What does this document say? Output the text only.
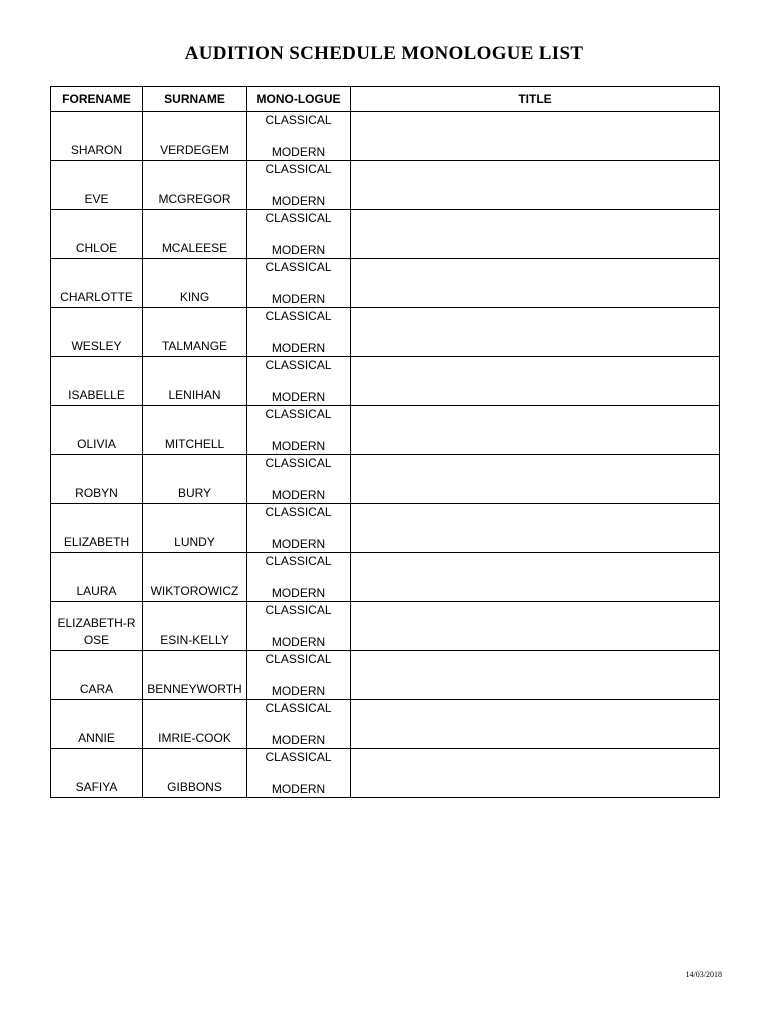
AUDITION SCHEDULE MONOLOGUE LIST
FORENAME	SURNAME	MONO-LOGUE	TITLE

SHARON	VERDEGEM	CLASSICAL
MODERN	

EVE	MCGREGOR	CLASSICAL
MODERN	

CHLOE	MCALEESE	CLASSICAL
MODERN	

CHARLOTTE	KING	CLASSICAL
MODERN	

WESLEY	TALMANGE	CLASSICAL
MODERN	

ISABELLE	LENIHAN	CLASSICAL
MODERN	

OLIVIA	MITCHELL	CLASSICAL
MODERN	

ROBYN	BURY	CLASSICAL
MODERN	

ELIZABETH	LUNDY	CLASSICAL
MODERN	

LAURA	WIKTOROWICZ	CLASSICAL
MODERN	

ELIZABETH-ROSE	ESIN-KELLY	CLASSICAL
MODERN	

CARA	BENNEYWORTH	CLASSICAL
MODERN	

ANNIE	IMRIE-COOK	CLASSICAL
MODERN	

SAFIYA	GIBBONS	CLASSICAL
MODERN	

14/03/2018
